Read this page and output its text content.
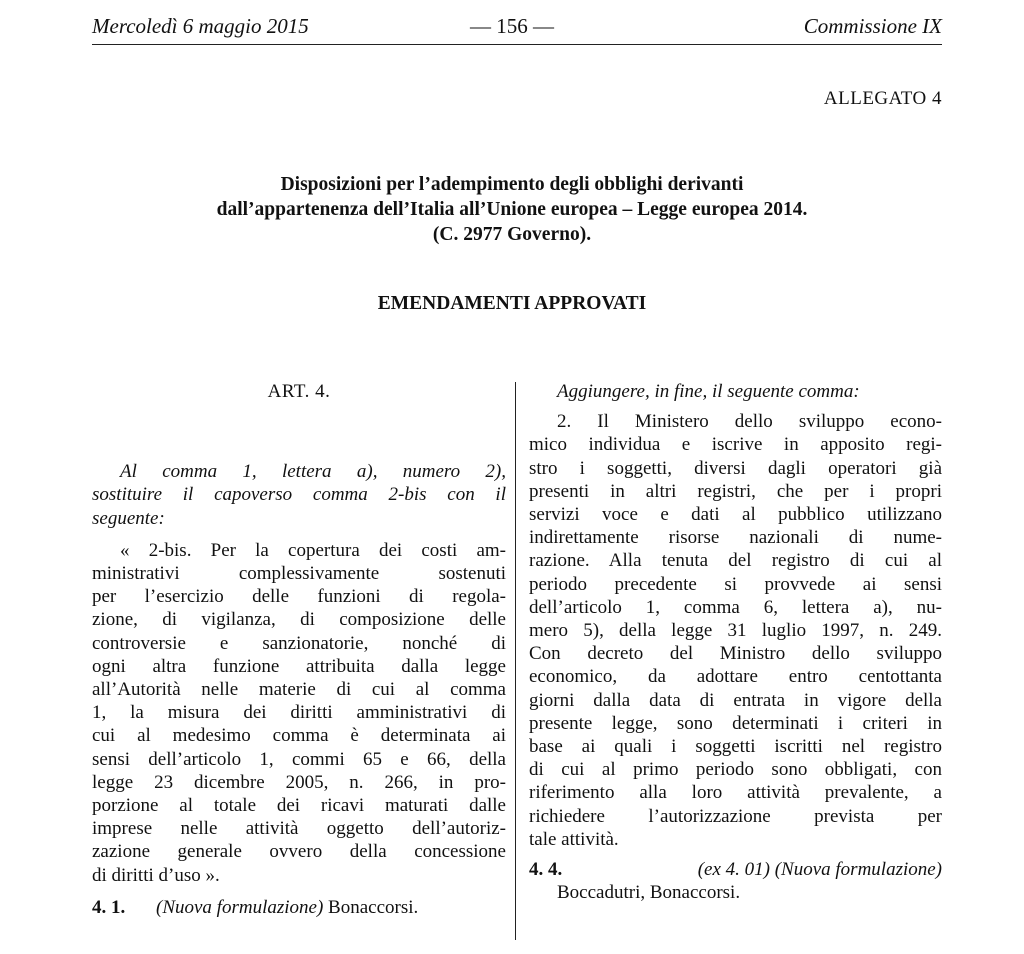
Mercoledì 6 maggio 2015	— 156 —	Commissione IX
ALLEGATO 4
Disposizioni per l’adempimento degli obblighi derivanti
dall’appartenenza dell’Italia all’Unione europea – Legge europea 2014.
(C. 2977 Governo).
EMENDAMENTI APPROVATI
ART. 4.
Al comma 1, lettera a), numero 2),
sostituire il capoverso comma 2-bis con il
seguente:
« 2-bis. Per la copertura dei costi am-
ministrativi complessivamente sostenuti
per l’esercizio delle funzioni di regola-
zione, di vigilanza, di composizione delle
controversie e sanzionatorie, nonché di
ogni altra funzione attribuita dalla legge
all’Autorità nelle materie di cui al comma
1, la misura dei diritti amministrativi di
cui al medesimo comma è determinata ai
sensi dell’articolo 1, commi 65 e 66, della
legge 23 dicembre 2005, n. 266, in pro-
porzione al totale dei ricavi maturati dalle
imprese nelle attività oggetto dell’autoriz-
zazione generale ovvero della concessione
di diritti d’uso ».
4. 1. (Nuova formulazione) Bonaccorsi.
Aggiungere, in fine, il seguente comma:
2. Il Ministero dello sviluppo econo-
mico individua e iscrive in apposito regi-
stro i soggetti, diversi dagli operatori già
presenti in altri registri, che per i propri
servizi voce e dati al pubblico utilizzano
indirettamente risorse nazionali di nume-
razione. Alla tenuta del registro di cui al
periodo precedente si provvede ai sensi
dell’articolo 1, comma 6, lettera a), nu-
mero 5), della legge 31 luglio 1997, n. 249.
Con decreto del Ministro dello sviluppo
economico, da adottare entro centottanta
giorni dalla data di entrata in vigore della
presente legge, sono determinati i criteri in
base ai quali i soggetti iscritti nel registro
di cui al primo periodo sono obbligati, con
riferimento alla loro attività prevalente, a
richiedere l’autorizzazione prevista per
tale attività.
4. 4.	(ex 4. 01) (Nuova formulazione)
Boccadutri, Bonaccorsi.
